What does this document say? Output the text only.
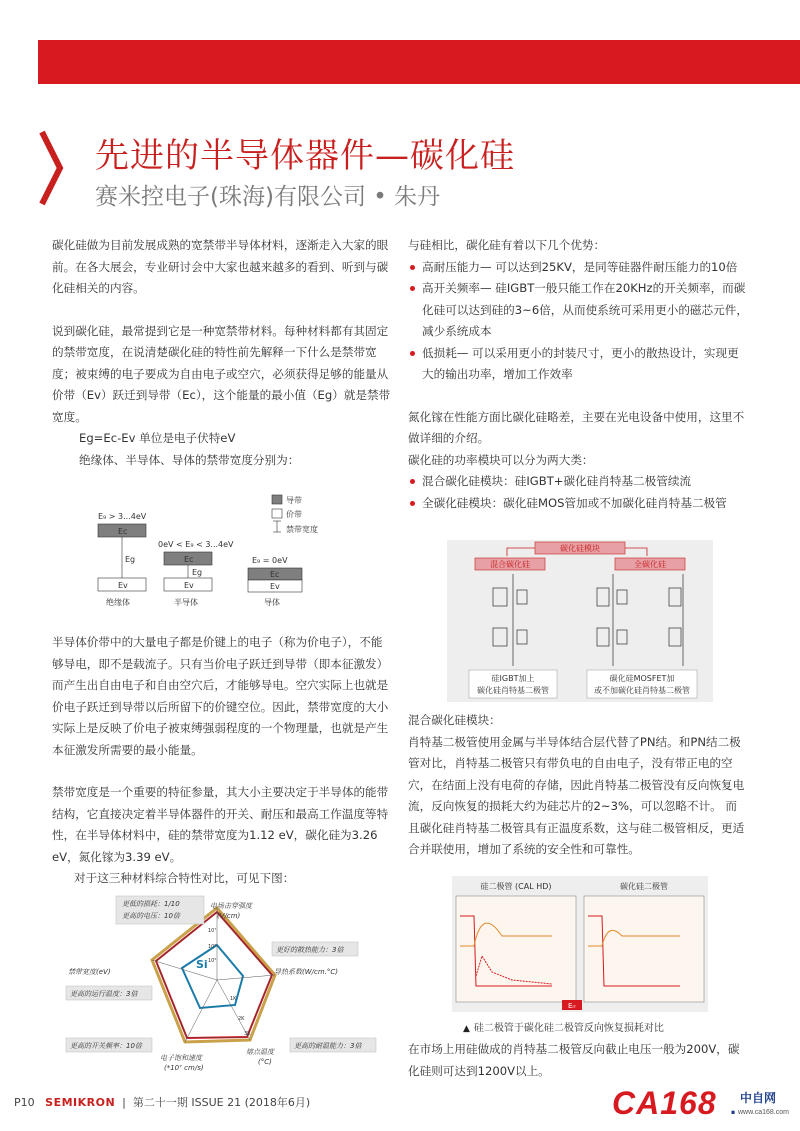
先进的半导体器件—碳化硅
赛米控电子(珠海)有限公司 • 朱丹

碳化硅做为目前发展成熟的宽禁带半导体材料，逐渐走入大家的眼前。在各大展会，专业研讨会中大家也越来越多的看到、听到与碳化硅相关的内容。

说到碳化硅，最常提到它是一种宽禁带材料。每种材料都有其固定的禁带宽度，在说清楚碳化硅的特性前先解释一下什么是禁带宽度；被束缚的电子要成为自由电子或空穴，必须获得足够的能量从价带（Ev）跃迁到导带（Ec），这个能量的最小值（Eg）就是禁带宽度。

Eg=Ec-Ev 单位是电子伏特eV

绝缘体、半导体、导体的禁带宽度分别为：

导带
价带
禁带宽度
E₉ > 3...4eV
Ec
Eg
Ev
绝缘体
0eV < E₉ < 3...4eV
Ec
Eg
Ev
半导体
E₉ = 0eV
Ec
Ev
导体

半导体价带中的大量电子都是价键上的电子（称为价电子），不能够导电，即不是载流子。只有当价电子跃迁到导带（即本征激发）而产生出自由电子和自由空穴后，才能够导电。空穴实际上也就是价电子跃迁到导带以后所留下的价键空位。因此，禁带宽度的大小实际上是反映了价电子被束缚强弱程度的一个物理量，也就是产生本征激发所需要的最小能量。

禁带宽度是一个重要的特征参量，其大小主要决定于半导体的能带结构，它直接决定着半导体器件的开关、耐压和最高工作温度等特性，在半导体材料中，硅的禁带宽度为1.12 eV，碳化硅为3.26 eV，氮化镓为3.39 eV。

对于这三种材料综合特性对比，可见下图：

Si
10⁷
10⁶
10⁵
1K
2K
3K
更低的损耗：1/10
更高的电压：10倍
电场击穿强度
(V/cm)
更好的散热能力：3倍
导热系数(W/cm.°C)
更高的耐温能力：3倍
熔点温度
(°C)
电子饱和速度
(*10⁷ cm/s)
更高的开关频率：10倍
更高的运行温度：3倍
禁带宽度(eV)

与硅相比，碳化硅有着以下几个优势：

高耐压能力— 可以达到25KV，是同等硅器件耐压能力的10倍
高开关频率— 硅IGBT一般只能工作在20KHz的开关频率，而碳化硅可以达到硅的3~6倍，从而使系统可采用更小的磁芯元件，减少系统成本
低损耗— 可以采用更小的封装尺寸，更小的散热设计，实现更大的输出功率，增加工作效率

氮化镓在性能方面比碳化硅略差，主要在光电设备中使用，这里不做详细的介绍。

碳化硅的功率模块可以分为两大类：

混合碳化硅模块：硅IGBT+碳化硅肖特基二极管续流
全碳化硅模块：碳化硅MOS管加或不加碳化硅肖特基二极管
碳化硅模块
混合碳化硅	全碳化硅
硅IGBT加上
碳化硅肖特基二极管
碳化硅MOSFET加
或不加碳化硅肖特基二极管

混合碳化硅模块：

肖特基二极管使用金属与半导体结合层代替了PN结。和PN结二极管对比，肖特基二极管只有带负电的自由电子，没有带正电的空穴，在结面上没有电荷的存储，因此肖特基二极管没有反向恢复电流，反向恢复的损耗大约为硅芯片的2~3%，可以忽略不计。 而且碳化硅肖特基二极管具有正温度系数，这与硅二极管相反，更适合并联使用，增加了系统的安全性和可靠性。

硅二极管 (CAL HD)	碳化硅二极管
Eᵣᵣ
▲ 硅二极管于碳化硅二极管反向恢复损耗对比

在市场上用硅做成的肖特基二极管反向截止电压一般为200V，碳化硅则可达到1200V以上。

P10 SEMIKRON  |  第二十一期 ISSUE 21 (2018年6月)	CA168 . 中自网
www.ca168.com
